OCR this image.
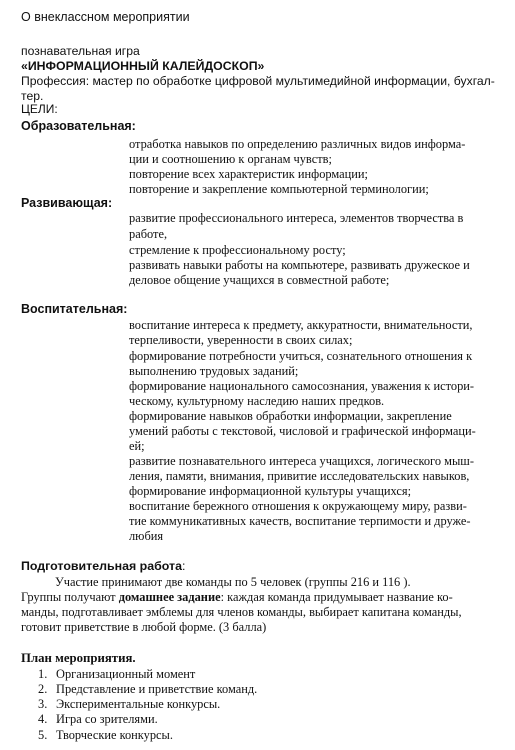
О внеклассном мероприятии
познавательная игра
«ИНФОРМАЦИОННЫЙ КАЛЕЙДОСКОП»
Профессия: мастер по обработке цифровой мультимедийной информации, бухгал-
тер.
ЦЕЛИ:
Образовательная:
отработка навыков по определению различных видов информа-
ции и соотношению к органам чувств;
повторение всех характеристик информации;
повторение и закрепление компьютерной терминологии;
Развивающая:
развитие профессионального интереса, элементов творчества в
работе,
стремление к профессиональному росту;
развивать навыки работы на компьютере, развивать дружеское и
деловое общение учащихся в совместной работе;
Воспитательная:
воспитание интереса к предмету, аккуратности, внимательности,
терпеливости, уверенности в своих силах;
формирование потребности учиться, сознательного отношения к
выполнению трудовых заданий;
формирование национального самосознания, уважения к истори-
ческому, культурному наследию наших предков.
формирование навыков обработки информации, закрепление
умений работы с текстовой, числовой и графической информаци-
ей;
развитие познавательного интереса учащихся, логического мыш-
ления, памяти, внимания, привитие исследовательских навыков,
формирование информационной культуры учащихся;
воспитание бережного отношения к окружающему миру, разви-
тие коммуникативных качеств, воспитание терпимости и друже-
любия
Подготовительная работа:
Участие принимают две команды по 5 человек (группы 216 и 116 ).
Группы получают домашнее задание: каждая команда придумывает название ко-
манды, подготавливает эмблемы для членов команды, выбирает капитана команды,
готовит приветствие в любой форме. (3 балла)
План мероприятия.
1. Организационный момент
2. Представление и приветствие команд.
3. Экспериментальные конкурсы.
4. Игра со зрителями.
5. Творческие конкурсы.
